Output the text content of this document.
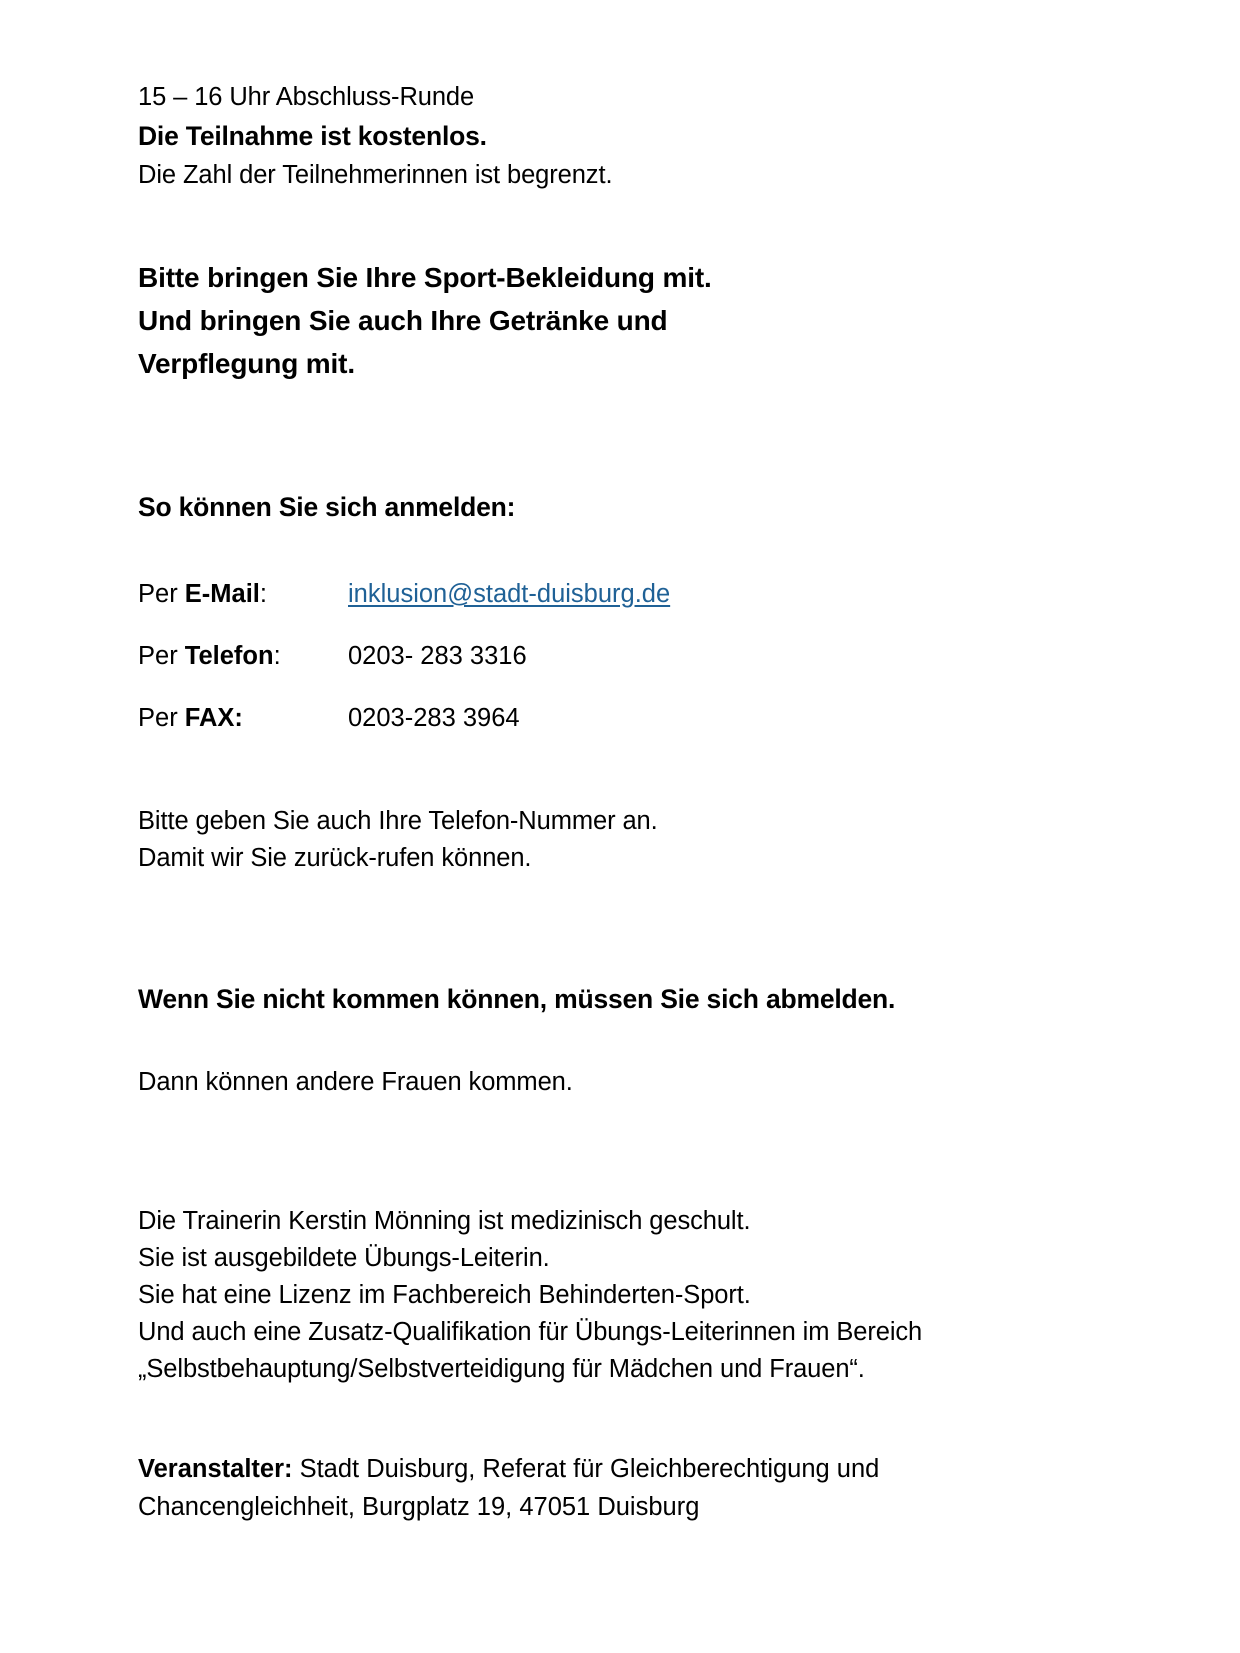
15 – 16 Uhr Abschluss-Runde
Die Teilnahme ist kostenlos.
Die Zahl der Teilnehmerinnen ist begrenzt.
Bitte bringen Sie Ihre Sport-Bekleidung mit.
Und bringen Sie auch Ihre Getränke und
Verpflegung mit.
So können Sie sich anmelden:
Per E-Mail:	inklusion@stadt-duisburg.de
Per Telefon:	0203- 283 3316
Per FAX:	0203-283 3964
Bitte geben Sie auch Ihre Telefon-Nummer an.
Damit wir Sie zurück-rufen können.
Wenn Sie nicht kommen können, müssen Sie sich abmelden.
Dann können andere Frauen kommen.
Die Trainerin Kerstin Mönning ist medizinisch geschult.
Sie ist ausgebildete Übungs-Leiterin.
Sie hat eine Lizenz im Fachbereich Behinderten-Sport.
Und auch eine Zusatz-Qualifikation für Übungs-Leiterinnen im Bereich
„Selbstbehauptung/Selbstverteidigung für Mädchen und Frauen“.
Veranstalter: Stadt Duisburg, Referat für Gleichberechtigung und Chancengleichheit, Burgplatz 19, 47051 Duisburg
